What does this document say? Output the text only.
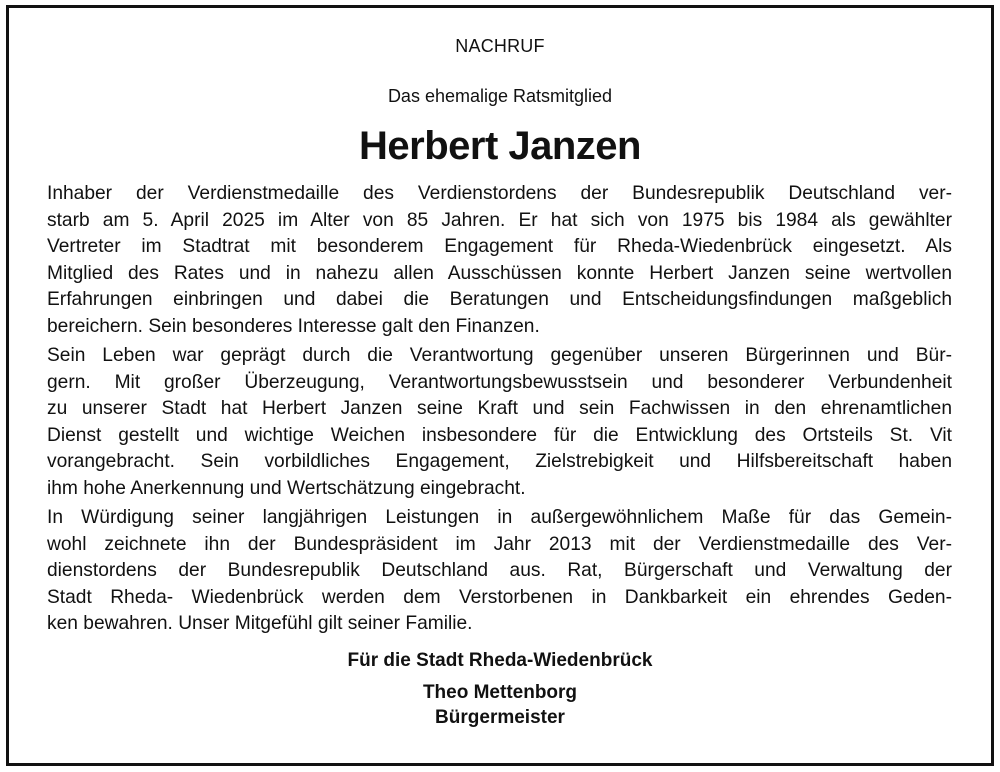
NACHRUF

Das ehemalige Ratsmitglied

Herbert Janzen
Inhaber der Verdienstmedaille des Verdienstordens der Bundesrepublik Deutschland ver-
starb am 5. April 2025 im Alter von 85 Jahren. Er hat sich von 1975 bis 1984 als gewählter
Vertreter im Stadtrat mit besonderem Engagement für Rheda-Wiedenbrück eingesetzt. Als
Mitglied des Rates und in nahezu allen Ausschüssen konnte Herbert Janzen seine wertvollen
Erfahrungen einbringen und dabei die Beratungen und Entscheidungsfindungen maßgeblich
bereichern. Sein besonderes Interesse galt den Finanzen.
Sein Leben war geprägt durch die Verantwortung gegenüber unseren Bürgerinnen und Bür-
gern. Mit großer Überzeugung, Verantwortungsbewusstsein und besonderer Verbundenheit
zu unserer Stadt hat Herbert Janzen seine Kraft und sein Fachwissen in den ehrenamtlichen
Dienst gestellt und wichtige Weichen insbesondere für die Entwicklung des Ortsteils St. Vit
vorangebracht. Sein vorbildliches Engagement, Zielstrebigkeit und Hilfsbereitschaft haben
ihm hohe Anerkennung und Wertschätzung eingebracht.
In Würdigung seiner langjährigen Leistungen in außergewöhnlichem Maße für das Gemein-
wohl zeichnete ihn der Bundespräsident im Jahr 2013 mit der Verdienstmedaille des Ver-
dienstordens der Bundesrepublik Deutschland aus. Rat, Bürgerschaft und Verwaltung der
Stadt Rheda- Wiedenbrück werden dem Verstorbenen in Dankbarkeit ein ehrendes Geden-
ken bewahren. Unser Mitgefühl gilt seiner Familie.

Für die Stadt Rheda-Wiedenbrück

Theo Mettenborg

Bürgermeister
